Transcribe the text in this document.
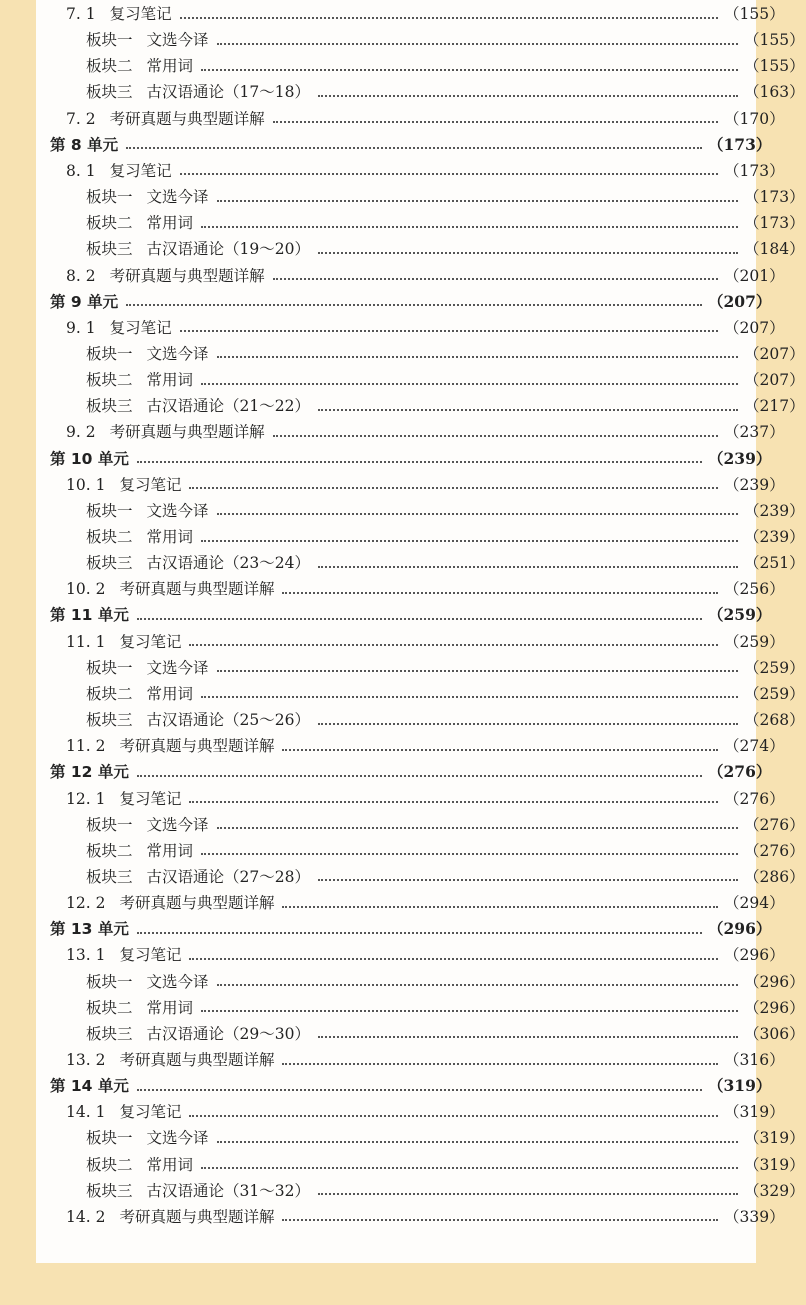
7. 1 复习笔记	（155）
板块一 文选今译	（155）
板块二 常用词	（155）
板块三 古汉语通论（17～18）	（163）
7. 2 考研真题与典型题详解	（170）
第 8 单元	（173）
8. 1 复习笔记	（173）
板块一 文选今译	（173）
板块二 常用词	（173）
板块三 古汉语通论（19～20）	（184）
8. 2 考研真题与典型题详解	（201）
第 9 单元	（207）
9. 1 复习笔记	（207）
板块一 文选今译	（207）
板块二 常用词	（207）
板块三 古汉语通论（21～22）	（217）
9. 2 考研真题与典型题详解	（237）
第 10 单元	（239）
10. 1 复习笔记	（239）
板块一 文选今译	（239）
板块二 常用词	（239）
板块三 古汉语通论（23～24）	（251）
10. 2 考研真题与典型题详解	（256）
第 11 单元	（259）
11. 1 复习笔记	（259）
板块一 文选今译	（259）
板块二 常用词	（259）
板块三 古汉语通论（25～26）	（268）
11. 2 考研真题与典型题详解	（274）
第 12 单元	（276）
12. 1 复习笔记	（276）
板块一 文选今译	（276）
板块二 常用词	（276）
板块三 古汉语通论（27～28）	（286）
12. 2 考研真题与典型题详解	（294）
第 13 单元	（296）
13. 1 复习笔记	（296）
板块一 文选今译	（296）
板块二 常用词	（296）
板块三 古汉语通论（29～30）	（306）
13. 2 考研真题与典型题详解	（316）
第 14 单元	（319）
14. 1 复习笔记	（319）
板块一 文选今译	（319）
板块二 常用词	（319）
板块三 古汉语通论（31～32）	（329）
14. 2 考研真题与典型题详解	（339）
